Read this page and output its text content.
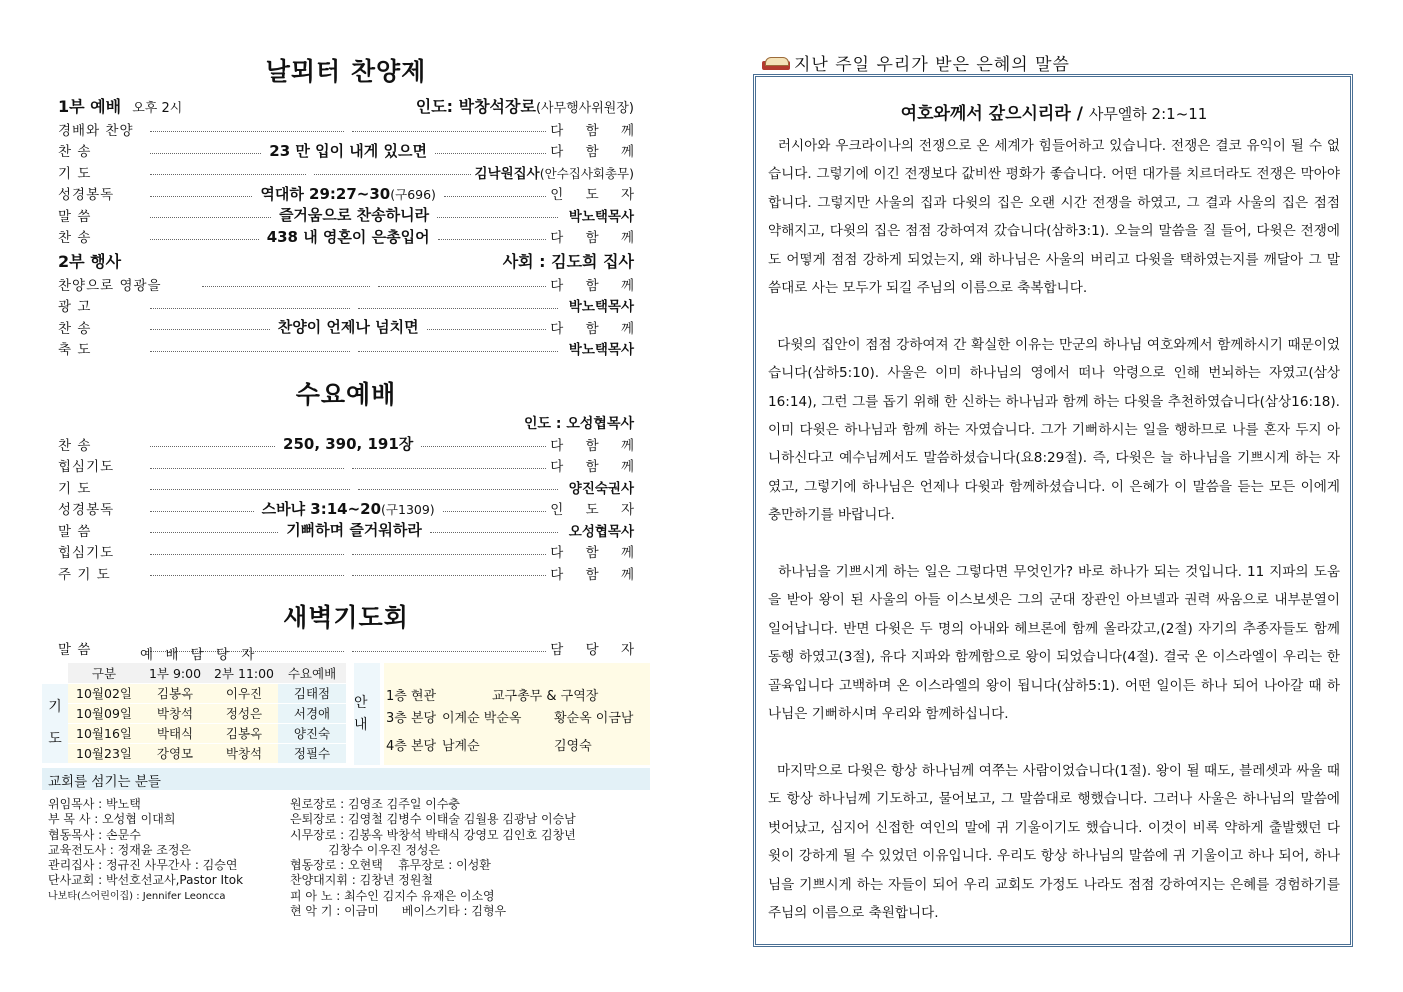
날뫼터 찬양제
1부 예배 오후 2시	인도: 박창석장로(사무행사위원장)
경배와 찬양	다 함 께
찬 송	23 만 입이 내게 있으면	다 함 께
기 도	김낙원집사(안수집사회총무)
성경봉독	역대하 29:27~30(구696)	인 도 자
말 씀	즐거움으로 찬송하니라	박노택목사
찬 송	438 내 영혼이 은총입어	다 함 께
2부 행사	사회 : 김도희 집사
찬양으로 영광을	다 함 께
광 고	박노택목사
찬 송	찬양이 언제나 넘치면	다 함 께
축 도	박노택목사
수요예배
인도 : 오성협목사
찬 송	250, 390, 191장	다 함 께
힙심기도	다 함 께
기 도	양진숙권사
성경봉독	스바냐 3:14~20(구1309)	인 도 자
말 씀	기뻐하며 즐거워하라	오성협목사
힙심기도	다 함 께
주 기 도	다 함 께
새벽기도회
말 씀	담 당 자
예 배 담 당 자
	구분	1부 9:00	2부 11:00	수요예배
기 도	10월02일	김봉옥	이우진	김태점
	10월09일	박창석	정성은	서경애
	10월16일	박태식	김봉옥	양진숙
	10월23일	강영모	박창석	정필수
안 내
1층 현관	교구총무 & 구역장
3층 본당 이계순 박순옥	황순옥 이금남
4층 본당 남계순	김영숙
교회를 섬기는 분들
위임목사 : 박노택
부 목 사 : 오성협 이대희
협동목사 : 손문수
교육전도사 : 정재윤 조정은
관리집사 : 정규진 사무간사 : 김승연
단사교회 : 박선호선교사,Pastor Itok
나보타(스어린이집) : Jennifer Leoncca
원로장로 : 김영조 김주일 이수충
은퇴장로 : 김영철 김병수 이태술 김월용 김광남 이승남
시무장로 : 김봉옥 박창석 박태식 강영모 김인호 김창년
김창수 이우진 정성은
협동장로 : 오현택    휴무장로 : 이성환
찬양대지휘 : 김창년 정원철
피 아 노 : 최수인 김지수 유재은 이소영
현 악 기 : 이금미      베이스기타 : 김형우
지난 주일 우리가 받은 은혜의 말씀
여호와께서 갚으시리라 / 사무엘하 2:1~11

러시아와 우크라이나의 전쟁으로 온 세계가 힘들어하고 있습니다. 전쟁은 결코 유익이 될 수 없습니다. 그렇기에 이긴 전쟁보다 값비싼 평화가 좋습니다. 어떤 대가를 치르더라도 전쟁은 막아야 합니다. 그렇지만 사울의 집과 다윗의 집은 오랜 시간 전쟁을 하였고, 그 결과 사울의 집은 점점 약해지고, 다윗의 집은 점점 강하여져 갔습니다(삼하3:1). 오늘의 말씀을 질 들어, 다윗은 전쟁에도 어떻게 점점 강하게 되었는지, 왜 하나님은 사울의 버리고 다윗을 택하였는지를 깨달아 그 말씀대로 사는 모두가 되길 주님의 이름으로 축복합니다.

다윗의 집안이 점점 강하여져 간 확실한 이유는 만군의 하나님 여호와께서 함께하시기 때문이었습니다(삼하5:10). 사울은 이미 하나님의 영에서 떠나 악령으로 인해 번뇌하는 자였고(삼상16:14), 그런 그를 돕기 위해 한 신하는 하나님과 함께 하는 다윗을 추천하였습니다(삼상16:18). 이미 다윗은 하나님과 함께 하는 자였습니다. 그가 기뻐하시는 일을 행하므로 나를 혼자 두지 아니하신다고 예수님께서도 말씀하셨습니다(요8:29절). 즉, 다윗은 늘 하나님을 기쁘시게 하는 자였고, 그렇기에 하나님은 언제나 다윗과 함께하셨습니다. 이 은혜가 이 말씀을 듣는 모든 이에게 충만하기를 바랍니다.

하나님을 기쁘시게 하는 일은 그렇다면 무엇인가? 바로 하나가 되는 것입니다. 11 지파의 도움을 받아 왕이 된 사울의 아들 이스보셋은 그의 군대 장관인 아브넬과 권력 싸움으로 내부분열이 일어납니다. 반면 다윗은 두 명의 아내와 헤브론에 함께 올라갔고,(2절) 자기의 추종자들도 함께 동행 하였고(3절), 유다 지파와 함께함으로 왕이 되었습니다(4절). 결국 온 이스라엘이 우리는 한 골육입니다 고백하며 온 이스라엘의 왕이 됩니다(삼하5:1). 어떤 일이든 하나 되어 나아갈 때 하나님은 기뻐하시며 우리와 함께하십니다.

마지막으로 다윗은 항상 하나님께 여쭈는 사람이었습니다(1절). 왕이 될 때도, 블레셋과 싸울 때도 항상 하나님께 기도하고, 물어보고, 그 말씀대로 행했습니다. 그러나 사울은 하나님의 말씀에 벗어났고, 심지어 신접한 여인의 말에 귀 기울이기도 했습니다. 이것이 비록 약하게 출발했던 다윗이 강하게 될 수 있었던 이유입니다. 우리도 항상 하나님의 말씀에 귀 기울이고 하나 되어, 하나님을 기쁘시게 하는 자들이 되어 우리 교회도 가정도 나라도 점점 강하여지는 은혜를 경험하기를 주님의 이름으로 축원합니다.
